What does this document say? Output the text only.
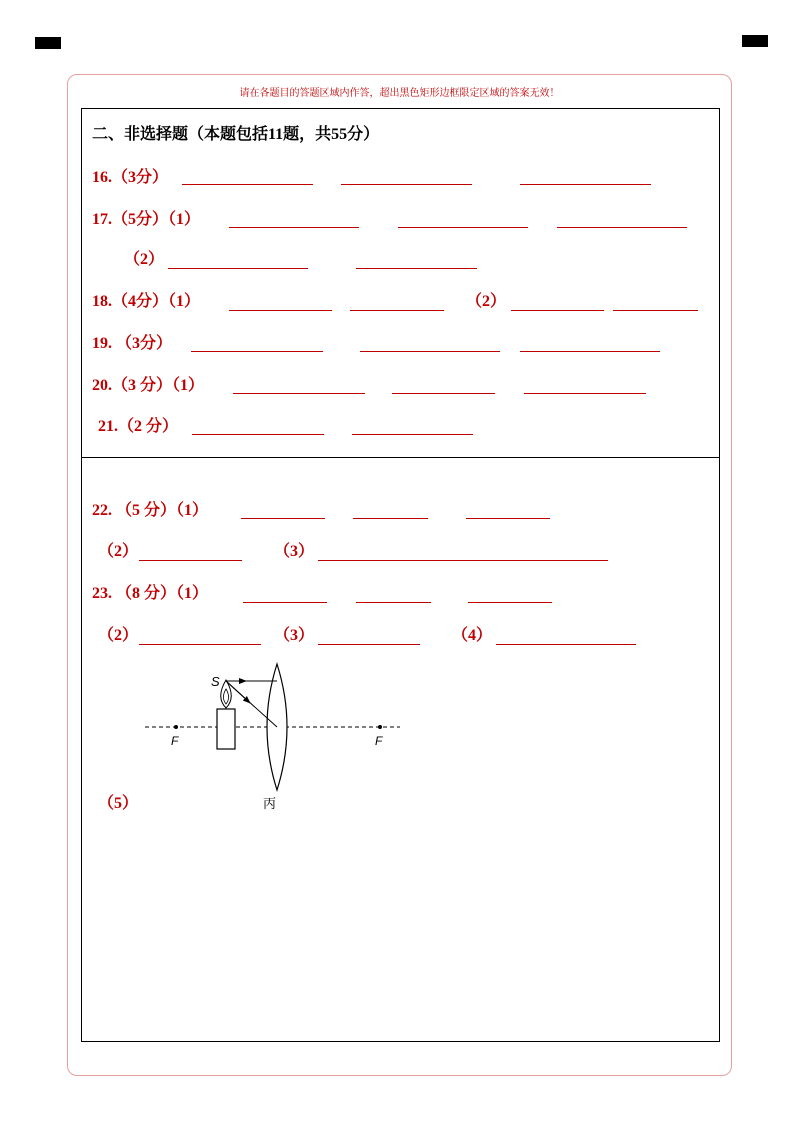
请在各题目的答题区域内作答，超出黑色矩形边框限定区域的答案无效！
二、非选择题（本题包括11题，共55分）
16.（3分）
17.（5分）（1）
（2）
18.（4分）（1）	（2）
19. （3分）
20.（3 分）（1）
21.（2 分）
22. （5 分）（1）
（2）	（3）
23. （8 分）（1）
（2）	（3）	（4）
（5）
S
F	F
丙
